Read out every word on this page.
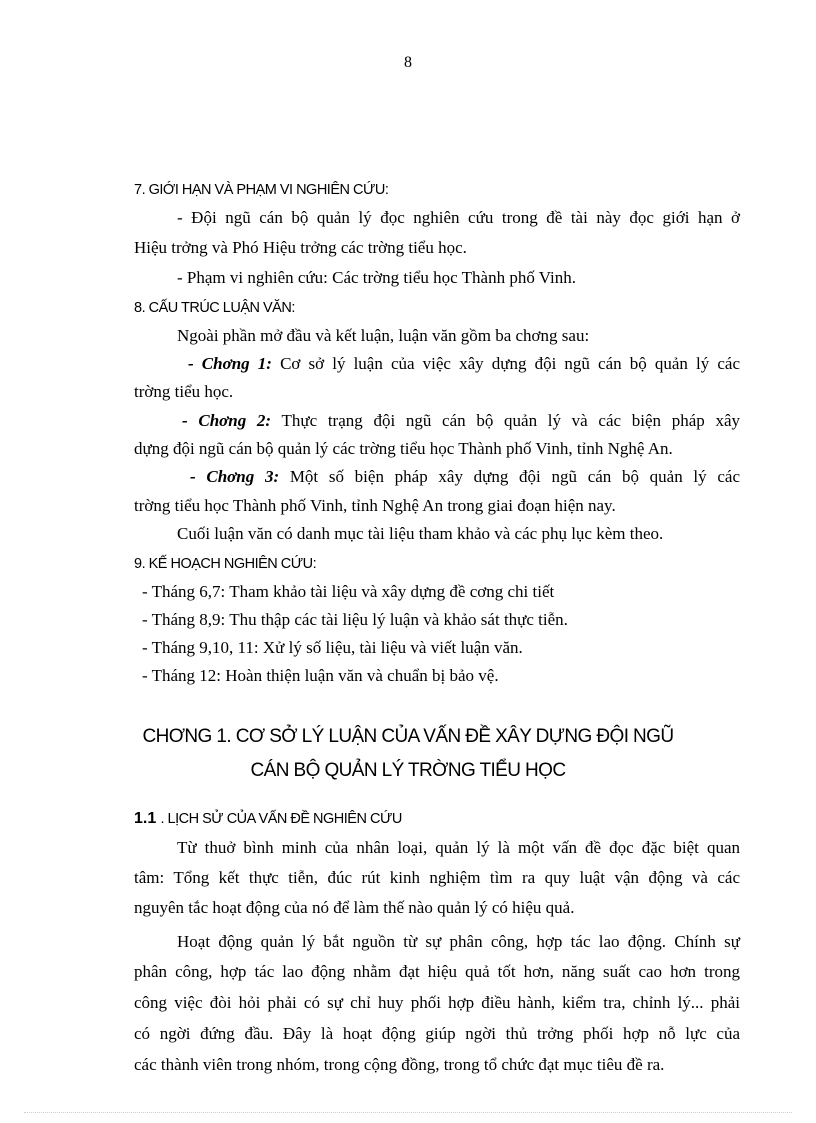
8
7. GIỚI HẠN VÀ PHẠM VI NGHIÊN CỨU:
- Đội ngũ cán bộ quản lý đọc nghiên cứu trong đề tài này đọc giới hạn ở
Hiệu trởng và Phó Hiệu trởng các trờng tiểu học.
- Phạm vi nghiên cứu: Các trờng tiểu học Thành phố Vinh.
8. CẤU TRÚC LUẬN VĂN:
Ngoài phần mở đầu và kết luận, luận văn gồm ba chơng sau:
- Chơng 1: Cơ sở lý luận của việc xây dựng đội ngũ cán bộ quản lý các
trờng tiểu học.
- Chơng 2: Thực trạng đội ngũ cán bộ quản lý và các biện pháp xây
dựng đội ngũ cán bộ quản lý các trờng tiểu học Thành phố Vinh, tỉnh Nghệ An.
- Chơng 3: Một số biện pháp xây dựng đội ngũ cán bộ quản lý các
trờng tiểu học Thành phố Vinh, tỉnh Nghệ An trong giai đoạn hiện nay.
Cuối luận văn có danh mục tài liệu tham khảo và các phụ lục kèm theo.
9. KẾ HOẠCH NGHIÊN CỨU:
- Tháng 6,7: Tham khảo tài liệu và xây dựng đề cơng chi tiết
- Tháng 8,9: Thu thập các tài liệu lý luận và khảo sát thực tiễn.
- Tháng 9,10, 11: Xử lý số liệu, tài liệu và viết luận văn.
- Tháng 12: Hoàn thiện luận văn và chuẩn bị bảo vệ.
CHƠNG 1. CƠ SỞ LÝ LUẬN CỦA VẤN ĐỀ XÂY DỰNG ĐỘI NGŨ
CÁN BỘ QUẢN LÝ TRỜNG TIỂU HỌC
1.1 . LỊCH SỬ CỦA VẤN ĐỀ NGHIÊN CỨU
Từ thuở bình minh của nhân loại, quản lý là một vấn đề đọc đặc biệt quan
tâm: Tổng kết thực tiễn, đúc rút kinh nghiệm tìm ra quy luật vận động và các
nguyên tắc hoạt động của nó để làm thế nào quản lý có hiệu quả.
Hoạt động quản lý bắt nguồn từ sự phân công, hợp tác lao động. Chính sự
phân công, hợp tác lao động nhằm đạt hiệu quả tốt hơn, năng suất cao hơn trong
công việc đòi hỏi phải có sự chỉ huy phối hợp điều hành, kiểm tra, chỉnh lý... phải
có ngời đứng đầu. Đây là hoạt động giúp ngời thủ trởng phối hợp nỗ lực của
các thành viên trong nhóm, trong cộng đồng, trong tổ chức đạt mục tiêu đề ra.
